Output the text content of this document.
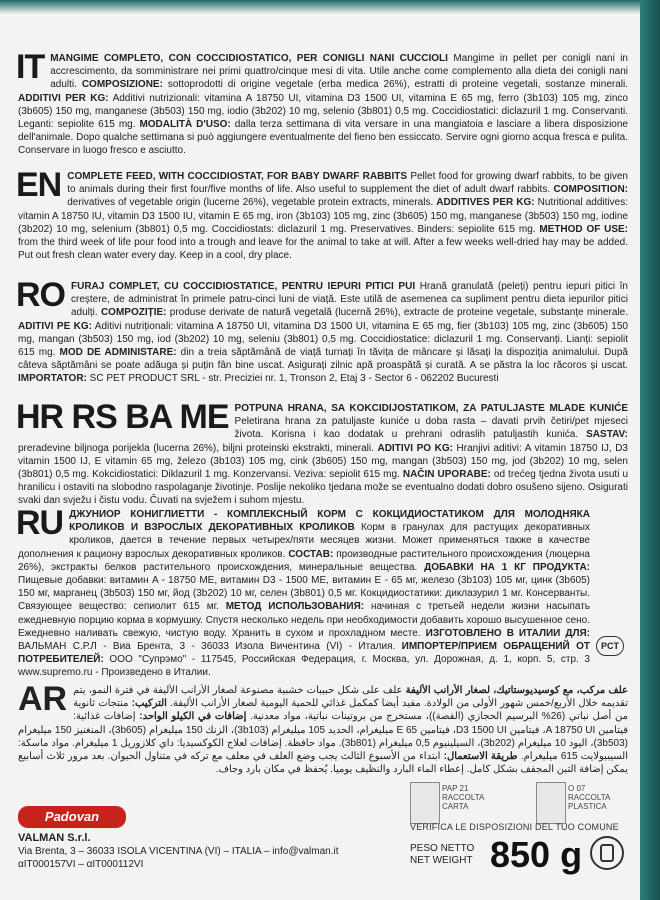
IT MANGIME COMPLETO, CON COCCIDIOSTATICO, PER CONIGLI NANI CUCCIOLI Mangime in pellet per conigli nani in accrescimento, da somministrare nei primi quattro/cinque mesi di vita. Utile anche come complemento alla dieta dei conigli nani adulti. COMPOSIZIONE: sottoprodotti di origine vegetale (erba medica 26%), estratti di proteine vegetali, sostanze minerali. ADDITIVI PER KG: Additivi nutrizionali: vitamina A 18750 UI, vitamina D3 1500 UI, vitamina E 65 mg, ferro (3b103) 105 mg, zinco (3b605) 150 mg, manganese (3b503) 150 mg, iodio (3b202) 10 mg, selenio (3b801) 0,5 mg. Coccidiostatici: diclazuril 1 mg. Conservanti. Leganti: sepiolite 615 mg. MODALITÀ D'USO: dalla terza settimana di vita versare in una mangiatoia e lasciare a libera disposizione dell'animale. Dopo qualche settimana si può aggiungere eventualmente del fieno ben essiccato. Servire ogni giorno acqua fresca e pulita. Conservare in luogo fresco e asciutto.
EN COMPLETE FEED, WITH COCCIDIOSTAT, FOR BABY DWARF RABBITS Pellet food for growing dwarf rabbits, to be given to animals during their first four/five months of life. Also useful to supplement the diet of adult dwarf rabbits. COMPOSITION: derivatives of vegetable origin (lucerne 26%), vegetable protein extracts, minerals. ADDITIVES PER KG: Nutritional additives: vitamin A 18750 IU, vitamin D3 1500 IU, vitamin E 65 mg, iron (3b103) 105 mg, zinc (3b605) 150 mg, manganese (3b503) 150 mg, iodine (3b202) 10 mg, selenium (3b801) 0,5 mg. Coccidiostats: diclazuril 1 mg. Preservatives. Binders: sepiolite 615 mg. METHOD OF USE: from the third week of life pour food into a trough and leave for the animal to take at will. After a few weeks well-dried hay may be added. Put out fresh clean water every day. Keep in a cool, dry place.
RO FURAJ COMPLET, CU COCCIDIOSTATICE, PENTRU IEPURI PITICI PUI Hrană granulată (peleți) pentru iepuri pitici în creștere, de administrat în primele patru-cinci luni de viață. Este utilă de asemenea ca supliment pentru dieta iepurilor pitici adulți. COMPOZIȚIE: produse derivate de natură vegetală (lucernă 26%), extracte de proteine vegetale, substanțe minerale. ADITIVI PE KG: Aditivi nutriționali: vitamina A 18750 UI, vitamina D3 1500 UI, vitamina E 65 mg, fier (3b103) 105 mg, zinc (3b605) 150 mg, mangan (3b503) 150 mg, iod (3b202) 10 mg, seleniu (3b801) 0,5 mg. Coccidiostatice: diclazuril 1 mg. Conservanți. Lianți: sepiolit 615 mg. MOD DE ADMINISTARE: din a treia săptămână de viață turnați în tăvița de mâncare și lăsați la dispoziția animalului. După câteva săptămâni se poate adăuga și puțin fân bine uscat. Asigurați zilnic apă proaspătă și curată. A se păstra la loc răcoros și uscat. IMPORTATOR: SC PET PRODUCT SRL - str. Preciziei nr. 1, Tronson 2, Etaj 3 - Sector 6 - 062202 Bucuresti
HR RS BA ME POTPUNA HRANA, SA KOKCIDIJOSTATIKOM, ZA PATULJASTE MLADE KUNIĆE Peletirana hrana za patuljaste kuniće u doba rasta – davati prvih četiri/pet mjeseci života. Korisna i kao dodatak u prehrani odraslih patuljastih kunića. SASTAV: preradevine biljnoga porijekla (lucerna 26%), biljni proteinski ekstrakti, minerali. ADITIVI PO KG: Hranjivi aditivi: A vitamin 18750 IJ, D3 vitamin 1500 IJ, E vitamin 65 mg, železo (3b103) 105 mg, cink (3b605) 150 mg, mangan (3b503) 150 mg, jod (3b202) 10 mg, selen (3b801) 0,5 mg. Kokcidiostatici: Diklazuril 1 mg. Konzervansi. Veziva: sepiolit 615 mg. NAČIN UPORABE: od trećeg tjedna života usuti u hranilicu i ostaviti na slobodno raspolaganje životinje. Poslije nekoliko tjedana može se eventualno dodati dobro osušeno sijeno. Osigurati svaki dan svježu i čistu vodu. Čuvati na svježem i suhom mjestu.
RU ДЖУНИОР КОНИГЛИЕТТИ - КОМПЛЕКСНЫЙ КОРМ С КОКЦИДИОСТАТИКОМ ДЛЯ МОЛОДНЯКА КРОЛИКОВ И ВЗРОСЛЫХ ДЕКОРАТИВНЫХ КРОЛИКОВ Корм в гранулах для растущих декоративных кроликов, дается в течение первых четырех/пяти месяцев жизни. Может применяться также в качестве дополнения к рациону взрослых декоративных кроликов. СОСТАВ: производные растительного происхождения (люцерна 26%), экстракты белков растительного происхождения, минеральные вещества. ДОБАВКИ НА 1 КГ ПРОДУКТА: Пищевые добавки: витамин A - 18750 МЕ, витамин D3 - 1500 МЕ, витамин E - 65 мг, железо (3b103) 105 мг, цинк (3b605) 150 мг, марганец (3b503) 150 мг, йод (3b202) 10 мг, селен (3b801) 0,5 мг. Кокцидиостатики: диклазурил 1 мг. Консерванты. Связующее вещество: сепиолит 615 мг. МЕТОД ИСПОЛЬЗОВАНИЯ: начиная с третьей недели жизни насыпать ежедневную порцию корма в кормушку. Спустя несколько недель при необходимости добавить хорошо высушенное сено. Ежедневно наливать свежую, чистую воду. Хранить в сухом и прохладном месте. ИЗГОТОВЛЕНО В ИТАЛИИ ДЛЯ: ВАЛЬМАН С.Р.Л - Виа Брента, 3 - 36033 Изола Вичентина (VI) - Италия. ИМПОРТЕР/ПРИЕМ ОБРАЩЕНИЙ ОТ ПОТРЕБИТЕЛЕЙ: ООО "Супрэмо" - 117545, Российская Федерация, г. Москва, ул. Дорожная, д. 1, корп. 5, стр. 3 www.supremo.ru - Произведено в Италии.
PCT
AR	علف مركب، مع كوسيديوستاتيك، لصغار الأرانب الأليفة علف على شكل حبيبات خشبية مصنوعة لصغار الأرانب الأليفة في فترة النمو، يتم تقديمه خلال الأربع/خمس شهور الأولى من الولادة. مفيد أيضا كمكمل غذائي للحمية اليومية لصغار الأرانب الأليفة. التركيب: منتجات ثانوية من أصل نباتي (26% البرسيم الحجازي (الفصة))، مستخرج من بروتينات نباتية، مواد معدنية. إضافات في الكيلو الواحد: إضافات غذائية: فيتامين A 18750 UI، فيتامين D3 1500 UI، فيتامين E 65 ميليغرام، الحديد 105 ميليغرام (3b103)، الزنك 150 ميليغرام (3b605)، المنغنيز 150 ميليغرام (3b503)، اليود 10 ميليغرام (3b202)، السيلينيوم 0,5 ميليغرام (3b801). مواد حافظة. إضافات لعلاج الكوكسيديا: داي كلازوريل 1 ميليغرام. مواد ماسكة: السيبيولايت 615 ميليغرام. طريقة الاستعمال: ابتداء من الأسبوع الثالث يجب وضع العلف في معلف مع تركه في متناول الحيوان. بعد مرور ثلاث أسابيع يمكن إضافة التبن المجفف بشكل كامل. إعطاء الماء البارد والنظيف يوميا. يُحفظ في مكان بارد وجاف.
Padovan
VALMAN S.r.l.
Via Brenta, 3 – 36033 ISOLA VICENTINA (VI) – ITALIA – info@valman.it
αIT000157VI – αIT000112VI
PAP 21
RACCOLTA
CARTA
O 07
RACCOLTA
PLASTICA
VERIFICA LE DISPOSIZIONI DEL TUO COMUNE
PESO NETTO
NET WEIGHT 850 g
